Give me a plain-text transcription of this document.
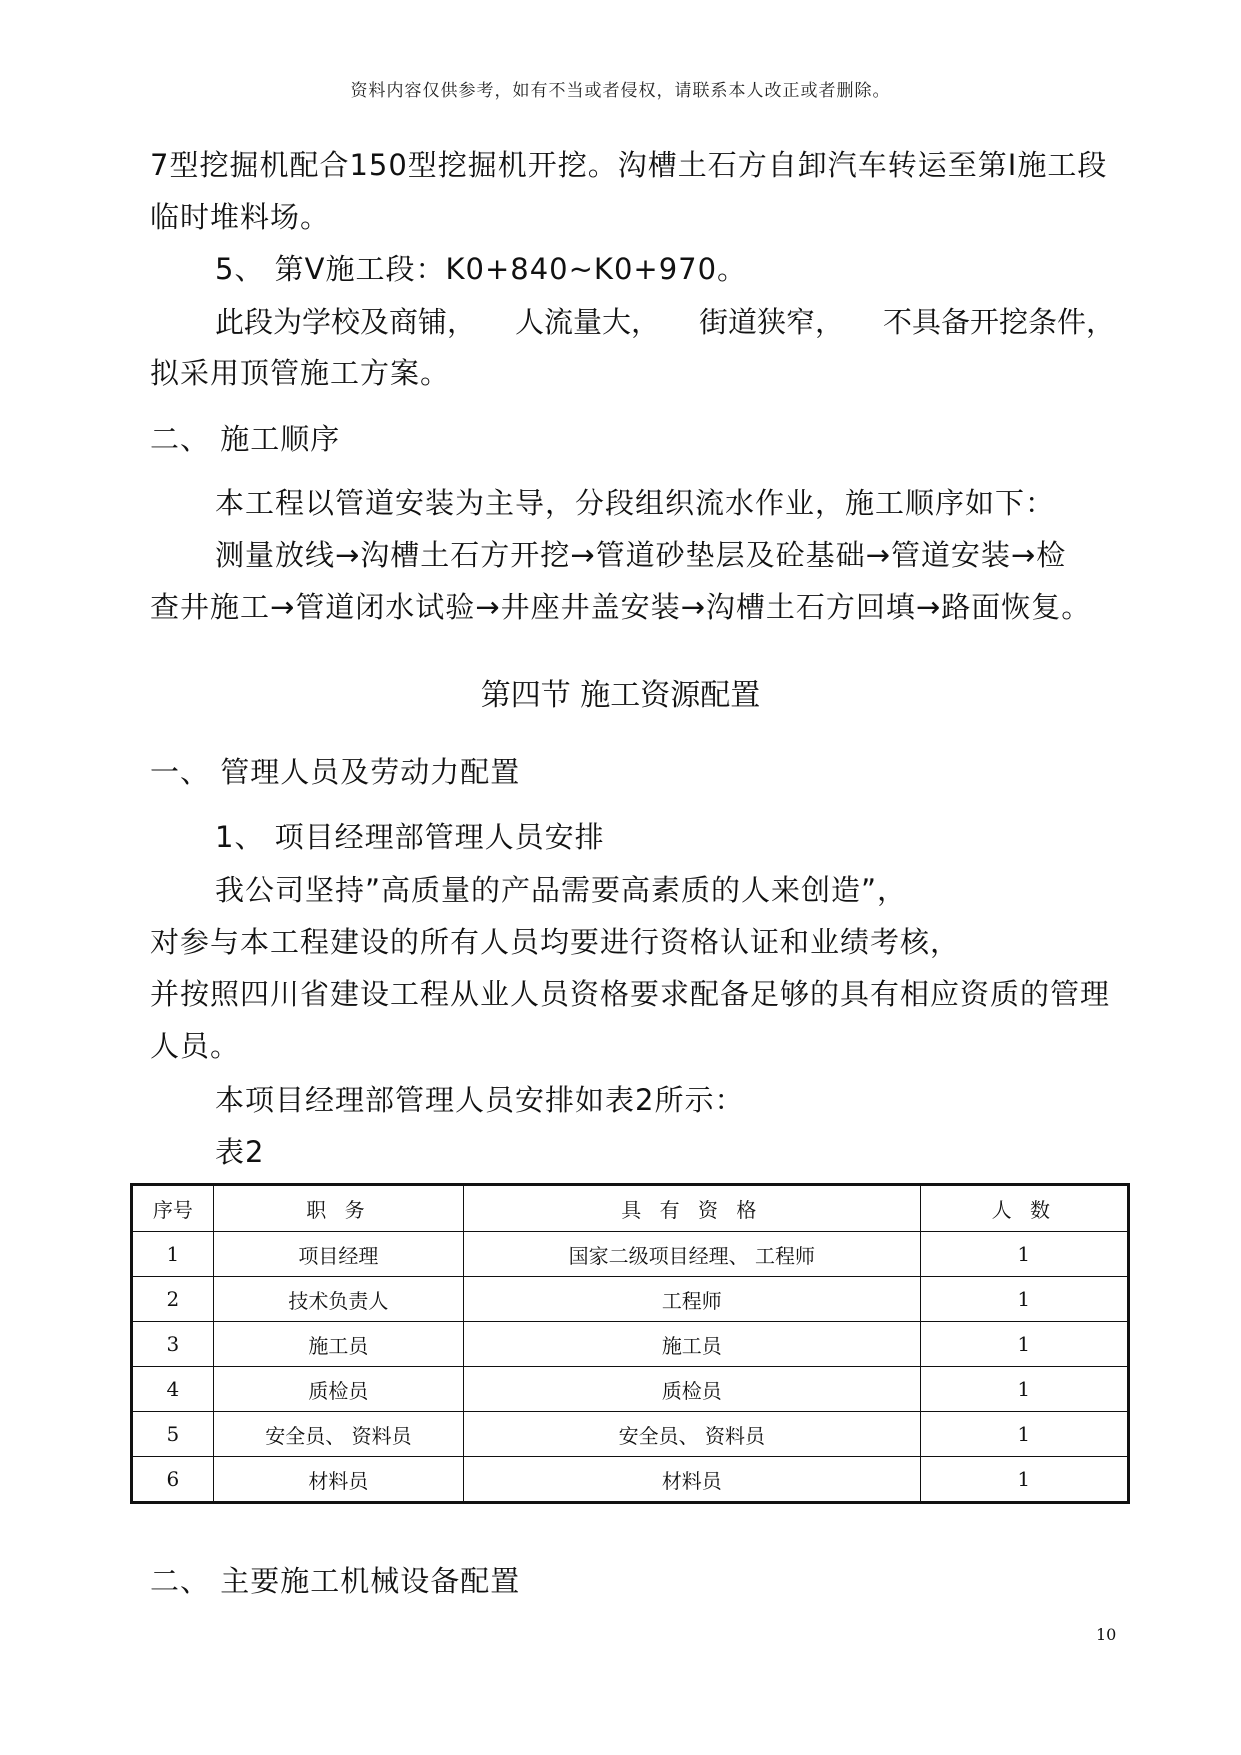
资料内容仅供参考，如有不当或者侵权，请联系本人改正或者删除。
7型挖掘机配合150型挖掘机开挖。沟槽土石方自卸汽车转运至第Ⅰ施工段
临时堆料场。
5、 第Ⅴ施工段：K0+840~K0+970。
此段为学校及商铺， 人流量大， 街道狭窄， 不具备开挖条件，
拟采用顶管施工方案。
二、 施工顺序
本工程以管道安装为主导，分段组织流水作业，施工顺序如下：
测量放线→沟槽土石方开挖→管道砂垫层及砼基础→管道安装→检
查井施工→管道闭水试验→井座井盖安装→沟槽土石方回填→路面恢复。
第四节 施工资源配置
一、 管理人员及劳动力配置
1、 项目经理部管理人员安排
我公司坚持”高质量的产品需要高素质的人来创造”，
对参与本工程建设的所有人员均要进行资格认证和业绩考核，
并按照四川省建设工程从业人员资格要求配备足够的具有相应资质的管理
人员。
本项目经理部管理人员安排如表2所示：
表2
序号	职 务	具 有 资 格	人 数
1	项目经理	国家二级项目经理、 工程师	1
2	技术负责人	工程师	1
3	施工员	施工员	1
4	质检员	质检员	1
5	安全员、 资料员	安全员、 资料员	1
6	材料员	材料员	1
二、 主要施工机械设备配置
10
